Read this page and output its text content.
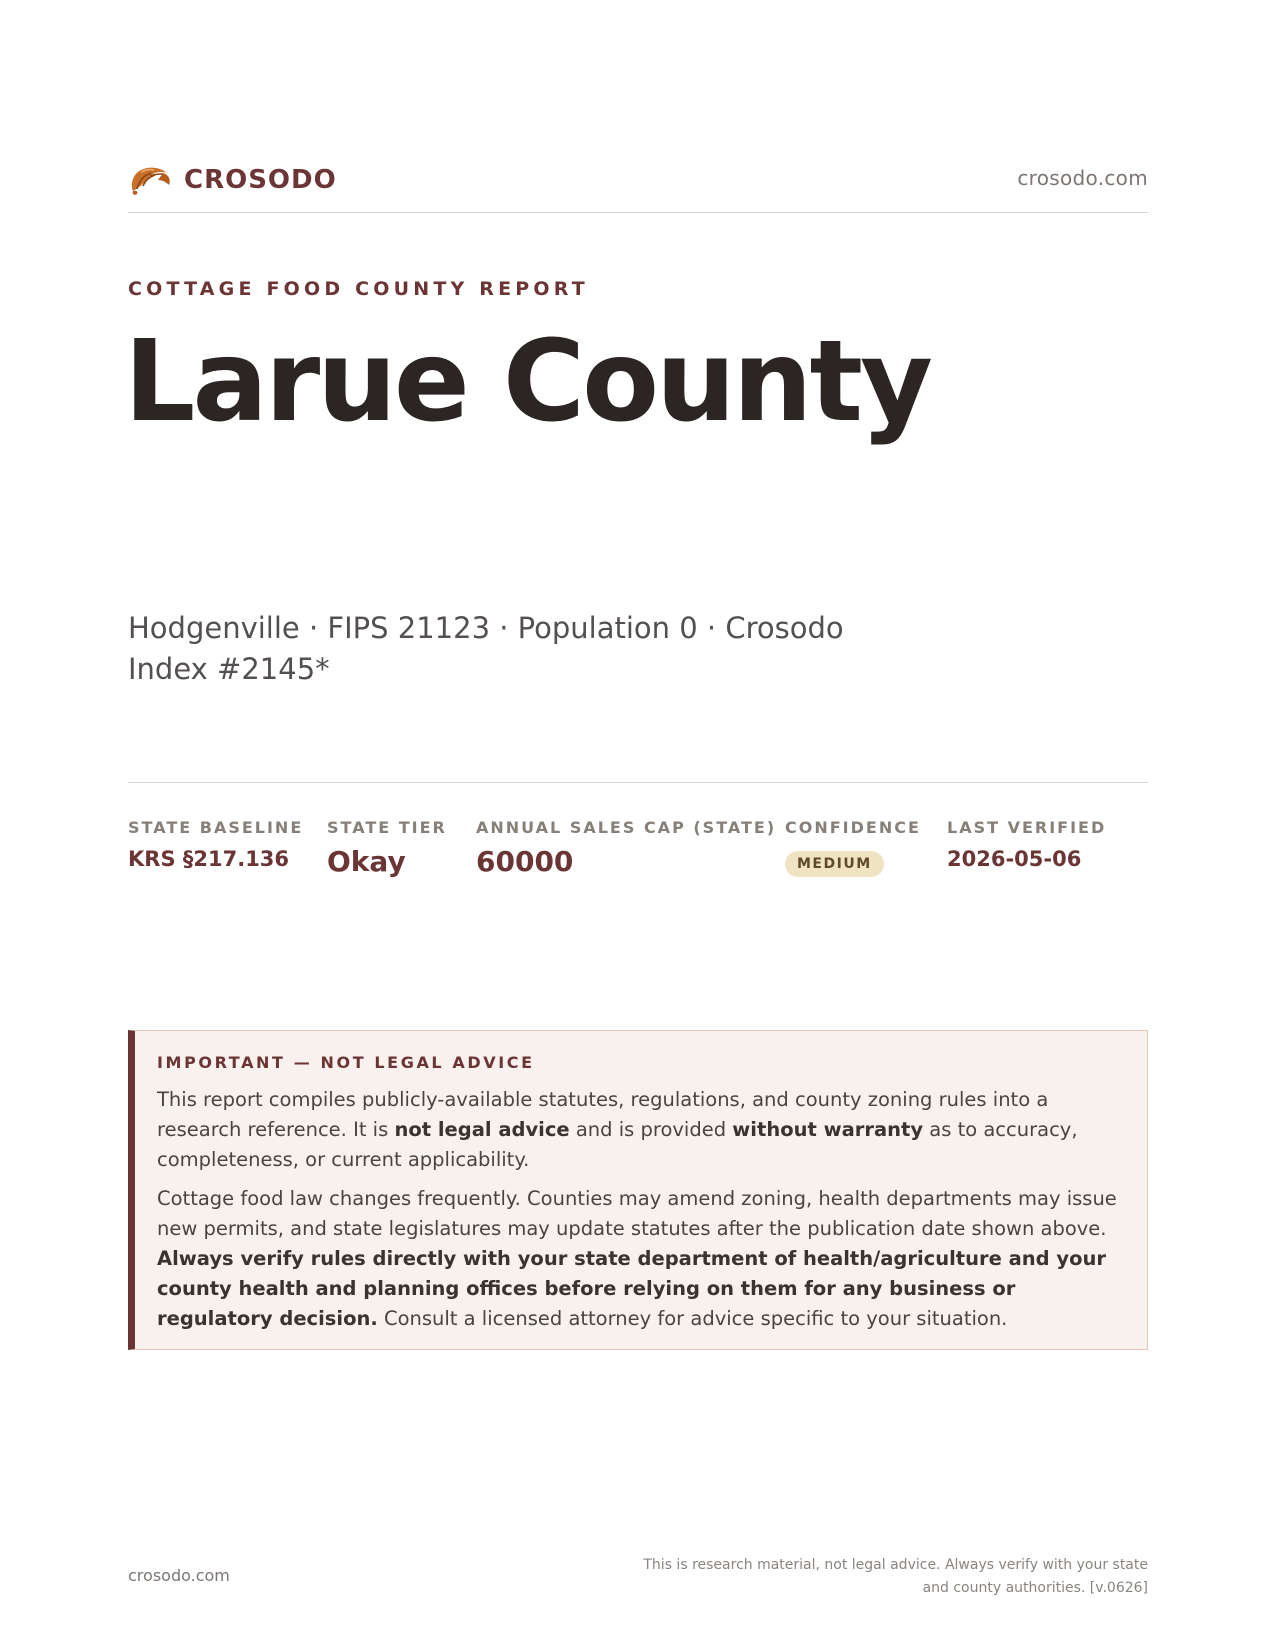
CROSODO	crosodo.com
COTTAGE FOOD COUNTY REPORT
Larue County
Hodgenville · FIPS 21123 · Population 0 · Crosodo Index #2145*
STATE BASELINE
KRS §217.136
STATE TIER
Okay
ANNUAL SALES CAP (STATE)
60000
CONFIDENCE
MEDIUM
LAST VERIFIED
2026-05-06
IMPORTANT — NOT LEGAL ADVICE

This report compiles publicly-available statutes, regulations, and county zoning rules into a research reference. It is not legal advice and is provided without warranty as to accuracy, completeness, or current applicability.

Cottage food law changes frequently. Counties may amend zoning, health departments may issue new permits, and state legislatures may update statutes after the publication date shown above. Always verify rules directly with your state department of health/agriculture and your county health and planning offices before relying on them for any business or regulatory decision. Consult a licensed attorney for advice specific to your situation.

crosodo.com
This is research material, not legal advice. Always verify with your state and county authorities. [v.0626]
